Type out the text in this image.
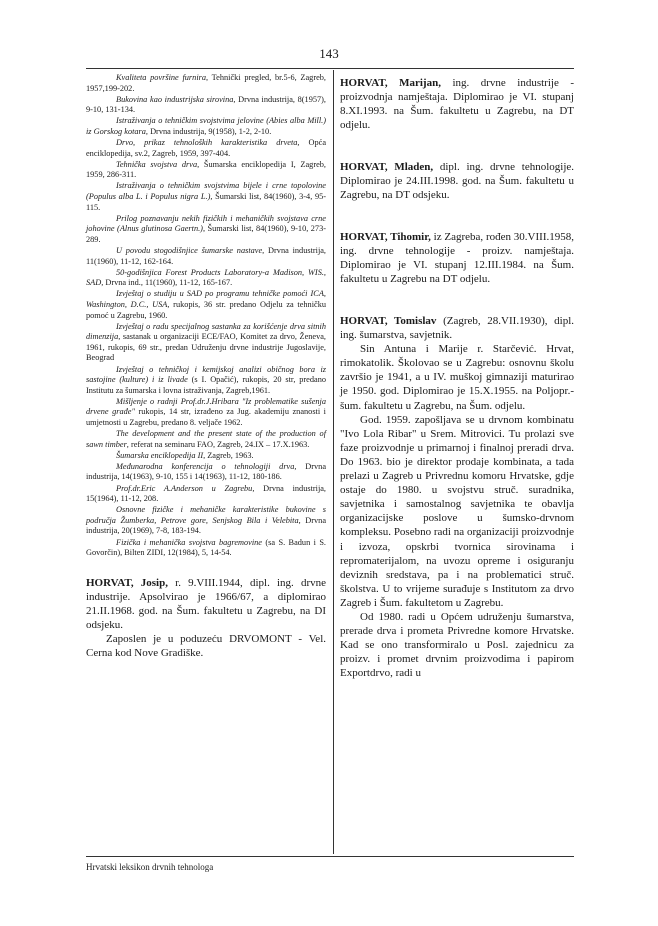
143

Kvaliteta površine furnira, Tehnički pregled, br.5-6, Zagreb, 1957,199-202.

Bukovina kao industrijska sirovina, Drvna industrija, 8(1957), 9-10, 131-134.

Istraživanja o tehničkim svojstvima jelovine (Abies alba Mill.) iz Gorskog kotara, Drvna industrija, 9(1958), 1-2, 2-10.

Drvo, prikaz tehnoloških karakteristika drveta, Opća enciklopedija, sv.2, Zagreb, 1959, 397-404.

Tehnička svojstva drva, Šumarska enciklopedija I, Zagreb, 1959, 286-311.

Istraživanja o tehničkim svojstvima bijele i crne topolovine (Populus alba L. i Populus nigra L.), Šumarski list, 84(1960), 3-4, 95-115.

Prilog poznavanju nekih fizičkih i mehaničkih svojstava crne johovine (Alnus glutinosa Gaertn.), Šumarski list, 84(1960), 9-10, 273-289.

U povodu stogodišnjice šumarske nastave, Drvna industrija, 11(1960), 11-12, 162-164.

50-godišnjica Forest Products Laboratory-a Madison, WIS., SAD, Drvna ind., 11(1960), 11-12, 165-167.

Izvještaj o studiju u SAD po programu tehničke pomoći ICA, Washington, D.C., USA, rukopis, 36 str. predano Odjelu za tehničku pomoć u Zagrebu, 1960.

Izvještaj o radu specijalnog sastanka za korišćenje drva sitnih dimenzija, sastanak u organizaciji ECE/FAO, Komitet za drvo, Ženeva, 1961, rukopis, 69 str., predan Udruženju drvne industrije Jugoslavije, Beograd

Izvještaj o tehničkoj i kemijskoj analizi običnog bora iz sastojine (kulture) i iz livade (s I. Opačić), rukopis, 20 str, predano Institutu za šumarska i lovna istraživanja, Zagreb,1961.

Mišljenje o radnji Prof.dr.J.Hribara "Iz problematike sušenja drvene građe" rukopis, 14 str, izrađeno za Jug. akademiju znanosti i umjetnosti u Zagrebu, predano 8. veljače 1962.

The development and the present state of the production of sawn timber, referat na seminaru FAO, Zagreb, 24.IX – 17.X.1963.

Šumarska enciklopedija II, Zagreb, 1963.

Međunarodna konferencija o tehnologiji drva, Drvna industrija, 14(1963), 9-10, 155 i 14(1963), 11-12, 180-186.

Prof.dr.Eric A.Anderson u Zagrebu, Drvna industrija, 15(1964), 11-12, 208.

Osnovne fizičke i mehaničke karakteristike bukovine s područja Žumberka, Petrove gore, Senjskog Bila i Velebita, Drvna industrija, 20(1969), 7-8, 183-194.

Fizička i mehanička svojstva bagremovine (sa S. Badun i S. Govorčin), Bilten ZIDI, 12(1984), 5, 14-54.

HORVAT, Josip, r. 9.VIII.1944, dipl. ing. drvne industrije. Apsolvirao je 1966/67, a diplomirao 21.II.1968. god. na Šum. fakultetu u Zagrebu, na DI odsjeku.

Zaposlen je u poduzeću DRVOMONT - Vel. Cerna kod Nove Gradiške.

HORVAT, Marijan, ing. drvne industrije - proizvodnja namještaja. Diplomirao je VI. stupanj 8.XI.1993. na Šum. fakultetu u Zagrebu, na DT odjelu.

HORVAT, Mladen, dipl. ing. drvne tehnologije. Diplomirao je 24.III.1998. god. na Šum. fakultetu u Zagrebu, na DT odsjeku.

HORVAT, Tihomir, iz Zagreba, rođen 30.VIII.1958, ing. drvne tehnologije - proizv. namještaja. Diplomirao je VI. stupanj 12.III.1984. na Šum. fakultetu u Zagrebu na DT odjelu.

HORVAT, Tomislav (Zagreb, 28.VII.1930), dipl. ing. šumarstva, savjetnik.

Sin Antuna i Marije r. Starčević. Hrvat, rimokatolik. Školovao se u Zagrebu: osnovnu školu završio je 1941, a u IV. muškoj gimnaziji maturirao je 1950. god. Diplomirao je 15.X.1955. na Poljopr.-šum. fakultetu u Zagrebu, na Šum. odjelu.

God. 1959. zapošljava se u drvnom kombinatu "Ivo Lola Ribar" u Srem. Mitrovici. Tu prolazi sve faze proizvodnje u primarnoj i finalnoj preradi drva. Do 1963. bio je direktor prodaje kombinata, a tada prelazi u Zagreb u Privrednu komoru Hrvatske, gdje ostaje do 1980. u svojstvu struč. suradnika, savjetnika i samostalnog savjetnika te obavlja organizacijske poslove u šumsko-drvnom kompleksu. Posebno radi na organizaciji proizvodnje i izvoza, opskrbi tvornica sirovinama i repromaterijalom, na uvozu opreme i osiguranju deviznih sredstava, pa i na problematici struč. školstva. U to vrijeme surađuje s Institutom za drvo Zagreb i Šum. fakultetom u Zagrebu.

Od 1980. radi u Općem udruženju šumarstva, prerade drva i prometa Privredne komore Hrvatske. Kad se ono transformiralo u Posl. zajednicu za proizv. i promet drvnim proizvodima i papirom Exportdrvo, radi u

Hrvatski leksikon drvnih tehnologa
